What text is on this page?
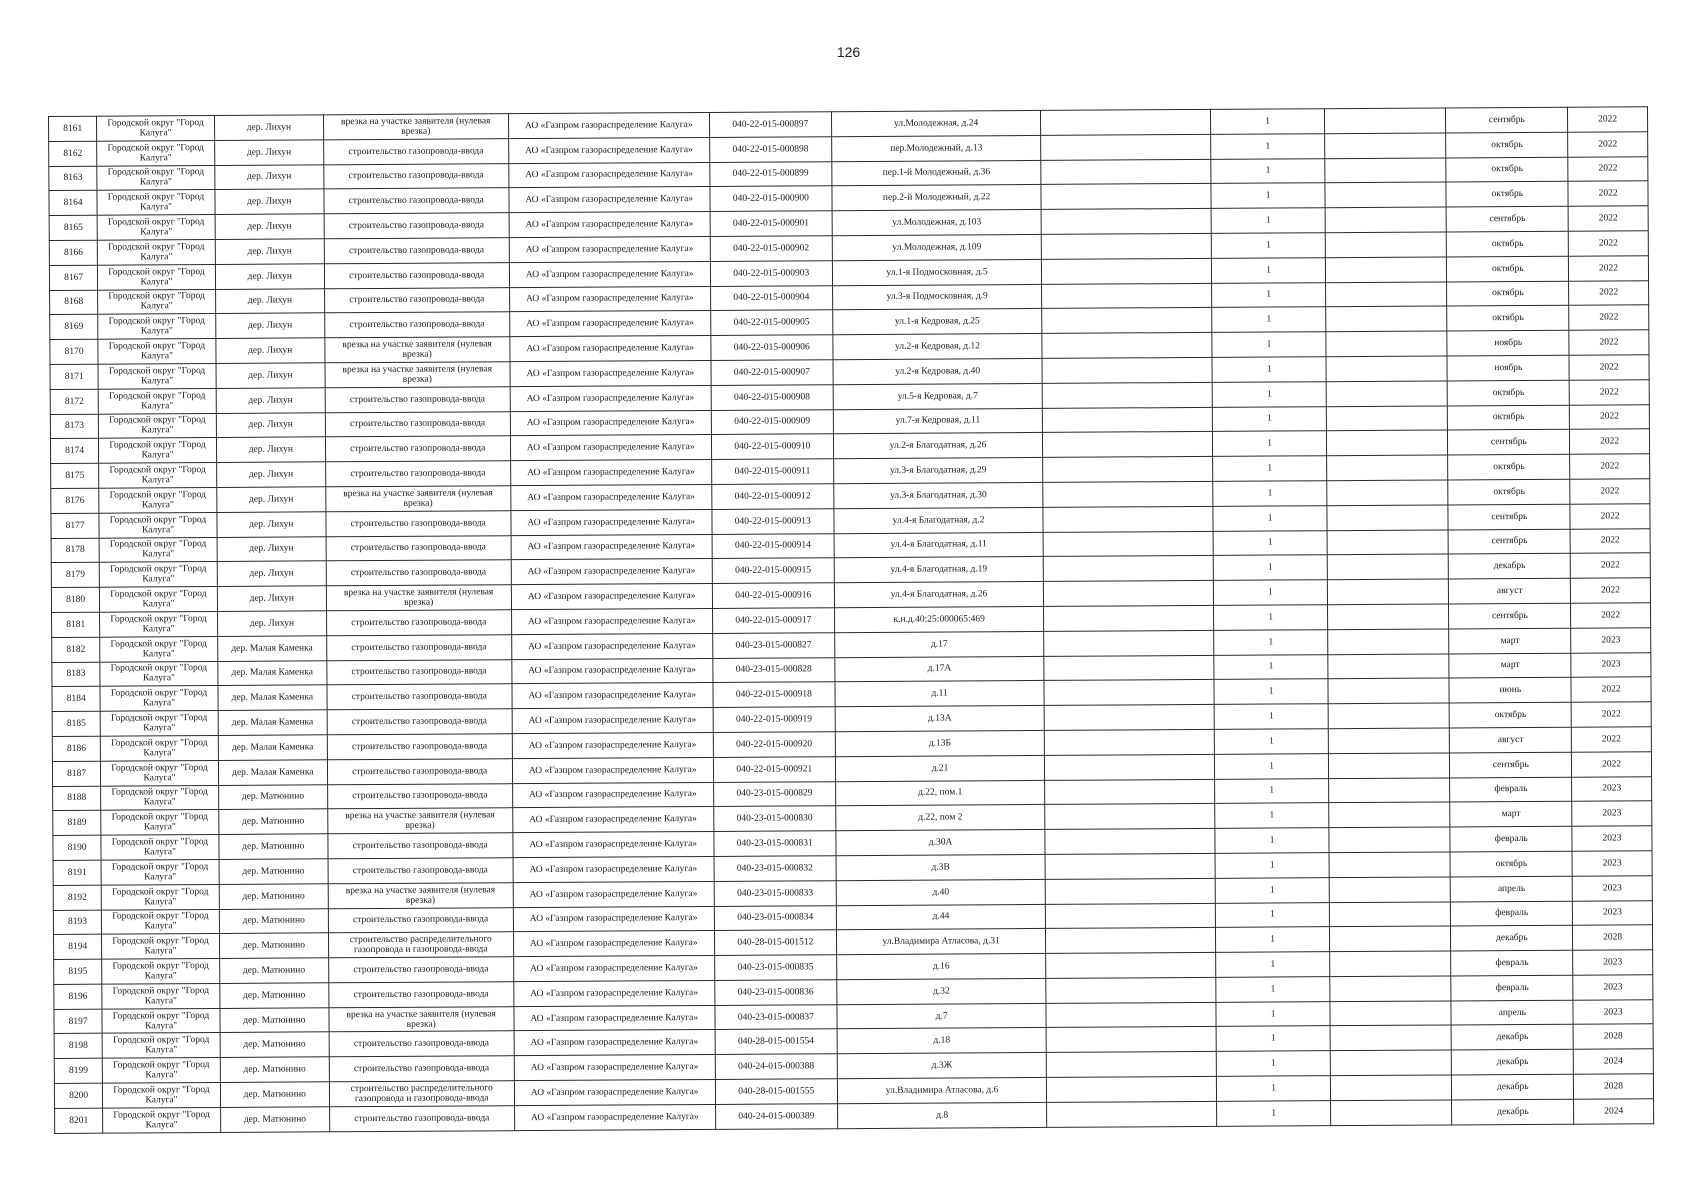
126
8161	Городской округ "Город Калуга"	дер. Лихун	врезка на участке заявителя (нулевая врезка)	АО «Газпром газораспределение Калуга»	040-22-015-000897	ул.Молодежная, д.24		1		сентябрь	2022
8162	Городской округ "Город Калуга"	дер. Лихун	строительство газопровода-ввода	АО «Газпром газораспределение Калуга»	040-22-015-000898	пер.Молодежный, д.13		1		октябрь	2022
8163	Городской округ "Город Калуга"	дер. Лихун	строительство газопровода-ввода	АО «Газпром газораспределение Калуга»	040-22-015-000899	пер.1-й Молодежный, д.36		1		октябрь	2022
8164	Городской округ "Город Калуга"	дер. Лихун	строительство газопровода-ввода	АО «Газпром газораспределение Калуга»	040-22-015-000900	пер.2-й Молодежный, д.22		1		октябрь	2022
8165	Городской округ "Город Калуга"	дер. Лихун	строительство газопровода-ввода	АО «Газпром газораспределение Калуга»	040-22-015-000901	ул.Молодежная, д.103		1		сентябрь	2022
8166	Городской округ "Город Калуга"	дер. Лихун	строительство газопровода-ввода	АО «Газпром газораспределение Калуга»	040-22-015-000902	ул.Молодежная, д.109		1		октябрь	2022
8167	Городской округ "Город Калуга"	дер. Лихун	строительство газопровода-ввода	АО «Газпром газораспределение Калуга»	040-22-015-000903	ул.1-я Подмосковная, д.5		1		октябрь	2022
8168	Городской округ "Город Калуга"	дер. Лихун	строительство газопровода-ввода	АО «Газпром газораспределение Калуга»	040-22-015-000904	ул.3-я Подмосковная, д.9		1		октябрь	2022
8169	Городской округ "Город Калуга"	дер. Лихун	строительство газопровода-ввода	АО «Газпром газораспределение Калуга»	040-22-015-000905	ул.1-я Кедровая, д.25		1		октябрь	2022
8170	Городской округ "Город Калуга"	дер. Лихун	врезка на участке заявителя (нулевая врезка)	АО «Газпром газораспределение Калуга»	040-22-015-000906	ул.2-я Кедровая, д.12		1		ноябрь	2022
8171	Городской округ "Город Калуга"	дер. Лихун	врезка на участке заявителя (нулевая врезка)	АО «Газпром газораспределение Калуга»	040-22-015-000907	ул.2-я Кедровая, д.40		1		ноябрь	2022
8172	Городской округ "Город Калуга"	дер. Лихун	строительство газопровода-ввода	АО «Газпром газораспределение Калуга»	040-22-015-000908	ул.5-я Кедровая, д.7		1		октябрь	2022
8173	Городской округ "Город Калуга"	дер. Лихун	строительство газопровода-ввода	АО «Газпром газораспределение Калуга»	040-22-015-000909	ул.7-я Кедровая, д.11		1		октябрь	2022
8174	Городской округ "Город Калуга"	дер. Лихун	строительство газопровода-ввода	АО «Газпром газораспределение Калуга»	040-22-015-000910	ул.2-я Благодатная, д.26		1		сентябрь	2022
8175	Городской округ "Город Калуга"	дер. Лихун	строительство газопровода-ввода	АО «Газпром газораспределение Калуга»	040-22-015-000911	ул.3-я Благодатная, д.29		1		октябрь	2022
8176	Городской округ "Город Калуга"	дер. Лихун	врезка на участке заявителя (нулевая врезка)	АО «Газпром газораспределение Калуга»	040-22-015-000912	ул.3-я Благодатная, д.30		1		октябрь	2022
8177	Городской округ "Город Калуга"	дер. Лихун	строительство газопровода-ввода	АО «Газпром газораспределение Калуга»	040-22-015-000913	ул.4-я Благодатная, д.2		1		сентябрь	2022
8178	Городской округ "Город Калуга"	дер. Лихун	строительство газопровода-ввода	АО «Газпром газораспределение Калуга»	040-22-015-000914	ул.4-я Благодатная, д.11		1		сентябрь	2022
8179	Городской округ "Город Калуга"	дер. Лихун	строительство газопровода-ввода	АО «Газпром газораспределение Калуга»	040-22-015-000915	ул.4-я Благодатная, д.19		1		декабрь	2022
8180	Городской округ "Город Калуга"	дер. Лихун	врезка на участке заявителя (нулевая врезка)	АО «Газпром газораспределение Калуга»	040-22-015-000916	ул.4-я Благодатная, д.26		1		август	2022
8181	Городской округ "Город Калуга"	дер. Лихун	строительство газопровода-ввода	АО «Газпром газораспределение Калуга»	040-22-015-000917	к.н.д.40:25:000065:469		1		сентябрь	2022
8182	Городской округ "Город Калуга"	дер. Малая Каменка	строительство газопровода-ввода	АО «Газпром газораспределение Калуга»	040-23-015-000827	д.17		1		март	2023
8183	Городской округ "Город Калуга"	дер. Малая Каменка	строительство газопровода-ввода	АО «Газпром газораспределение Калуга»	040-23-015-000828	д.17А		1		март	2023
8184	Городской округ "Город Калуга"	дер. Малая Каменка	строительство газопровода-ввода	АО «Газпром газораспределение Калуга»	040-22-015-000918	д.11		1		июнь	2022
8185	Городской округ "Город Калуга"	дер. Малая Каменка	строительство газопровода-ввода	АО «Газпром газораспределение Калуга»	040-22-015-000919	д.13А		1		октябрь	2022
8186	Городской округ "Город Калуга"	дер. Малая Каменка	строительство газопровода-ввода	АО «Газпром газораспределение Калуга»	040-22-015-000920	д.13Б		1		август	2022
8187	Городской округ "Город Калуга"	дер. Малая Каменка	строительство газопровода-ввода	АО «Газпром газораспределение Калуга»	040-22-015-000921	д.21		1		сентябрь	2022
8188	Городской округ "Город Калуга"	дер. Матюнино	строительство газопровода-ввода	АО «Газпром газораспределение Калуга»	040-23-015-000829	д.22, пом.1		1		февраль	2023
8189	Городской округ "Город Калуга"	дер. Матюнино	врезка на участке заявителя (нулевая врезка)	АО «Газпром газораспределение Калуга»	040-23-015-000830	д.22, пом 2		1		март	2023
8190	Городской округ "Город Калуга"	дер. Матюнино	строительство газопровода-ввода	АО «Газпром газораспределение Калуга»	040-23-015-000831	д.30А		1		февраль	2023
8191	Городской округ "Город Калуга"	дер. Матюнино	строительство газопровода-ввода	АО «Газпром газораспределение Калуга»	040-23-015-000832	д.3В		1		октябрь	2023
8192	Городской округ "Город Калуга"	дер. Матюнино	врезка на участке заявителя (нулевая врезка)	АО «Газпром газораспределение Калуга»	040-23-015-000833	д.40		1		апрель	2023
8193	Городской округ "Город Калуга"	дер. Матюнино	строительство газопровода-ввода	АО «Газпром газораспределение Калуга»	040-23-015-000834	д.44		1		февраль	2023
8194	Городской округ "Город Калуга"	дер. Матюнино	строительство распределительного газопровода и газопровода-ввода	АО «Газпром газораспределение Калуга»	040-28-015-001512	ул.Владимира Атласова, д.31		1		декабрь	2028
8195	Городской округ "Город Калуга"	дер. Матюнино	строительство газопровода-ввода	АО «Газпром газораспределение Калуга»	040-23-015-000835	д.16		1		февраль	2023
8196	Городской округ "Город Калуга"	дер. Матюнино	строительство газопровода-ввода	АО «Газпром газораспределение Калуга»	040-23-015-000836	д.32		1		февраль	2023
8197	Городской округ "Город Калуга"	дер. Матюнино	врезка на участке заявителя (нулевая врезка)	АО «Газпром газораспределение Калуга»	040-23-015-000837	д.7		1		апрель	2023
8198	Городской округ "Город Калуга"	дер. Матюнино	строительство газопровода-ввода	АО «Газпром газораспределение Калуга»	040-28-015-001554	д.18		1		декабрь	2028
8199	Городской округ "Город Калуга"	дер. Матюнино	строительство газопровода-ввода	АО «Газпром газораспределение Калуга»	040-24-015-000388	д.3Ж		1		декабрь	2024
8200	Городской округ "Город Калуга"	дер. Матюнино	строительство распределительного газопровода и газопровода-ввода	АО «Газпром газораспределение Калуга»	040-28-015-001555	ул.Владимира Атласова, д.6		1		декабрь	2028
8201	Городской округ "Город Калуга"	дер. Матюнино	строительство газопровода-ввода	АО «Газпром газораспределение Калуга»	040-24-015-000389	д.8		1		декабрь	2024
